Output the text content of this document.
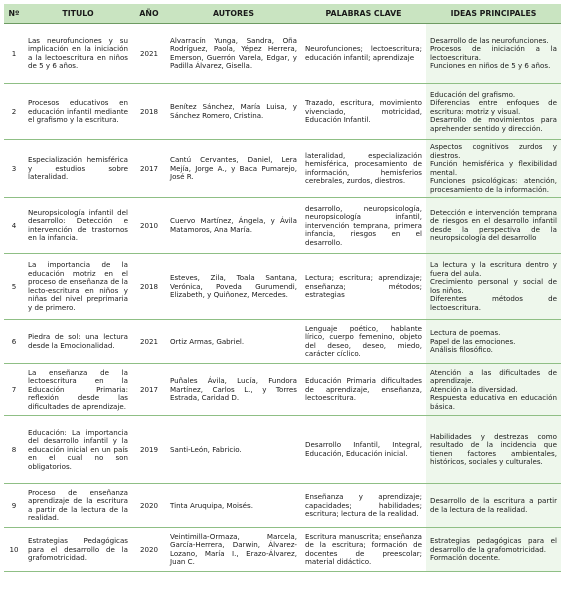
Nº	TITULO	AÑO	AUTORES	PALABRAS CLAVE	IDEAS PRINCIPALES
1	Las neurofunciones y su implicación en la iniciación a la lectoescritura en niños de 5 y 6 años.	2021	Alvarracín Yunga, Sandra, Oña Rodríguez, Paola, Yépez Herrera, Emerson, Guerrón Varela, Edgar, y Padilla Álvarez, Gisella.	Neurofunciones; lectoescritura; educación infantil; aprendizaje	Desarrollo de las neurofunciones.
Procesos de iniciación a la lectoescritura.
Funciones en niños de 5 y 6 años.
2	Procesos educativos en educación infantil mediante el grafismo y la escritura.	2018	Benítez Sánchez, María Luisa, y Sánchez Romero, Cristina.	Trazado, escritura, movimiento vivenciado, motricidad, Educación Infantil.	Educación del grafismo.
Diferencias entre enfoques de escritura: motriz y visual.
Desarrollo de movimientos para aprehender sentido y dirección.
3	Especialización hemisférica y estudios sobre lateralidad.	2017	Cantú Cervantes, Daniel, Lera Mejía, Jorge A., y Baca Pumarejo, José R.	lateralidad, especialización hemisférica, procesamiento de información, hemisferios cerebrales, zurdos, diestros.	Aspectos cognitivos zurdos y diestros.
Función hemisférica y flexibilidad mental.
Funciones psicológicas: atención, procesamiento de la información.
4	Neuropsicología infantil del desarrollo: Detección e intervención de trastornos en la infancia.	2010	Cuervo Martínez, Ángela, y Ávila Matamoros, Ana María.	desarrollo, neuropsicología, neuropsicología infantil, intervención temprana, primera infancia, riesgos en el desarrollo.	Detección e intervención temprana de riesgos en el desarrollo infantil desde la perspectiva de la neuropsicología del desarrollo
5	La importancia de la educación motriz en el proceso de enseñanza de la lecto-escritura en niños y niñas del nivel preprimaria y de primero.	2018	Esteves, Zila, Toala Santana, Verónica, Poveda Gurumendi, Elizabeth, y Quiñonez, Mercedes.	Lectura; escritura; aprendizaje; enseñanza; métodos; estrategias	La lectura y la escritura dentro y fuera del aula.
Crecimiento personal y social de los niños.
Diferentes métodos de lectoescritura.
6	Piedra de sol: una lectura desde la Emocionalidad.	2021	Ortiz Armas, Gabriel.	Lenguaje poético, hablante lírico, cuerpo femenino, objeto del deseo, deseo, miedo, carácter cíclico.	Lectura de poemas.
Papel de las emociones.
Análisis filosófico.
7	La enseñanza de la lectoescritura en la Educación Primaria: reflexión desde las dificultades de aprendizaje.	2017	Puñales Ávila, Lucía, Fundora Martínez, Carlos L., y Torres Estrada, Caridad D.	Educación Primaria dificultades de aprendizaje, enseñanza, lectoescritura.	Atención a las dificultades de aprendizaje.
Atención a la diversidad.
Respuesta educativa en educación básica.
8	Educación: La importancia del desarrollo infantil y la educación inicial en un país en el cual no son obligatorios.	2019	Santi-León, Fabricio.	Desarrollo Infantil, Integral, Educación, Educación inicial.	Habilidades y destrezas como resultado de la incidencia que tienen factores ambientales, históricos, sociales y culturales.
9	Proceso de enseñanza aprendizaje de la escritura a partir de la lectura de la realidad.	2020	Tinta Aruquipa, Moisés.	Enseñanza y aprendizaje; capacidades; habilidades; escritura; lectura de la realidad.	Desarrollo de la escritura a partir de la lectura de la realidad.
10	Estrategias Pedagógicas para el desarrollo de la grafomotricidad.	2020	Veintimilla-Ormaza, Marcela, García-Herrera, Darwin, Álvarez-Lozano, María I., Erazo-Álvarez, Juan C.	Escritura manuscrita; enseñanza de la escritura; formación de docentes de preescolar; material didáctico.	Estrategias pedagógicas para el desarrollo de la grafomotricidad.
Formación docente.
